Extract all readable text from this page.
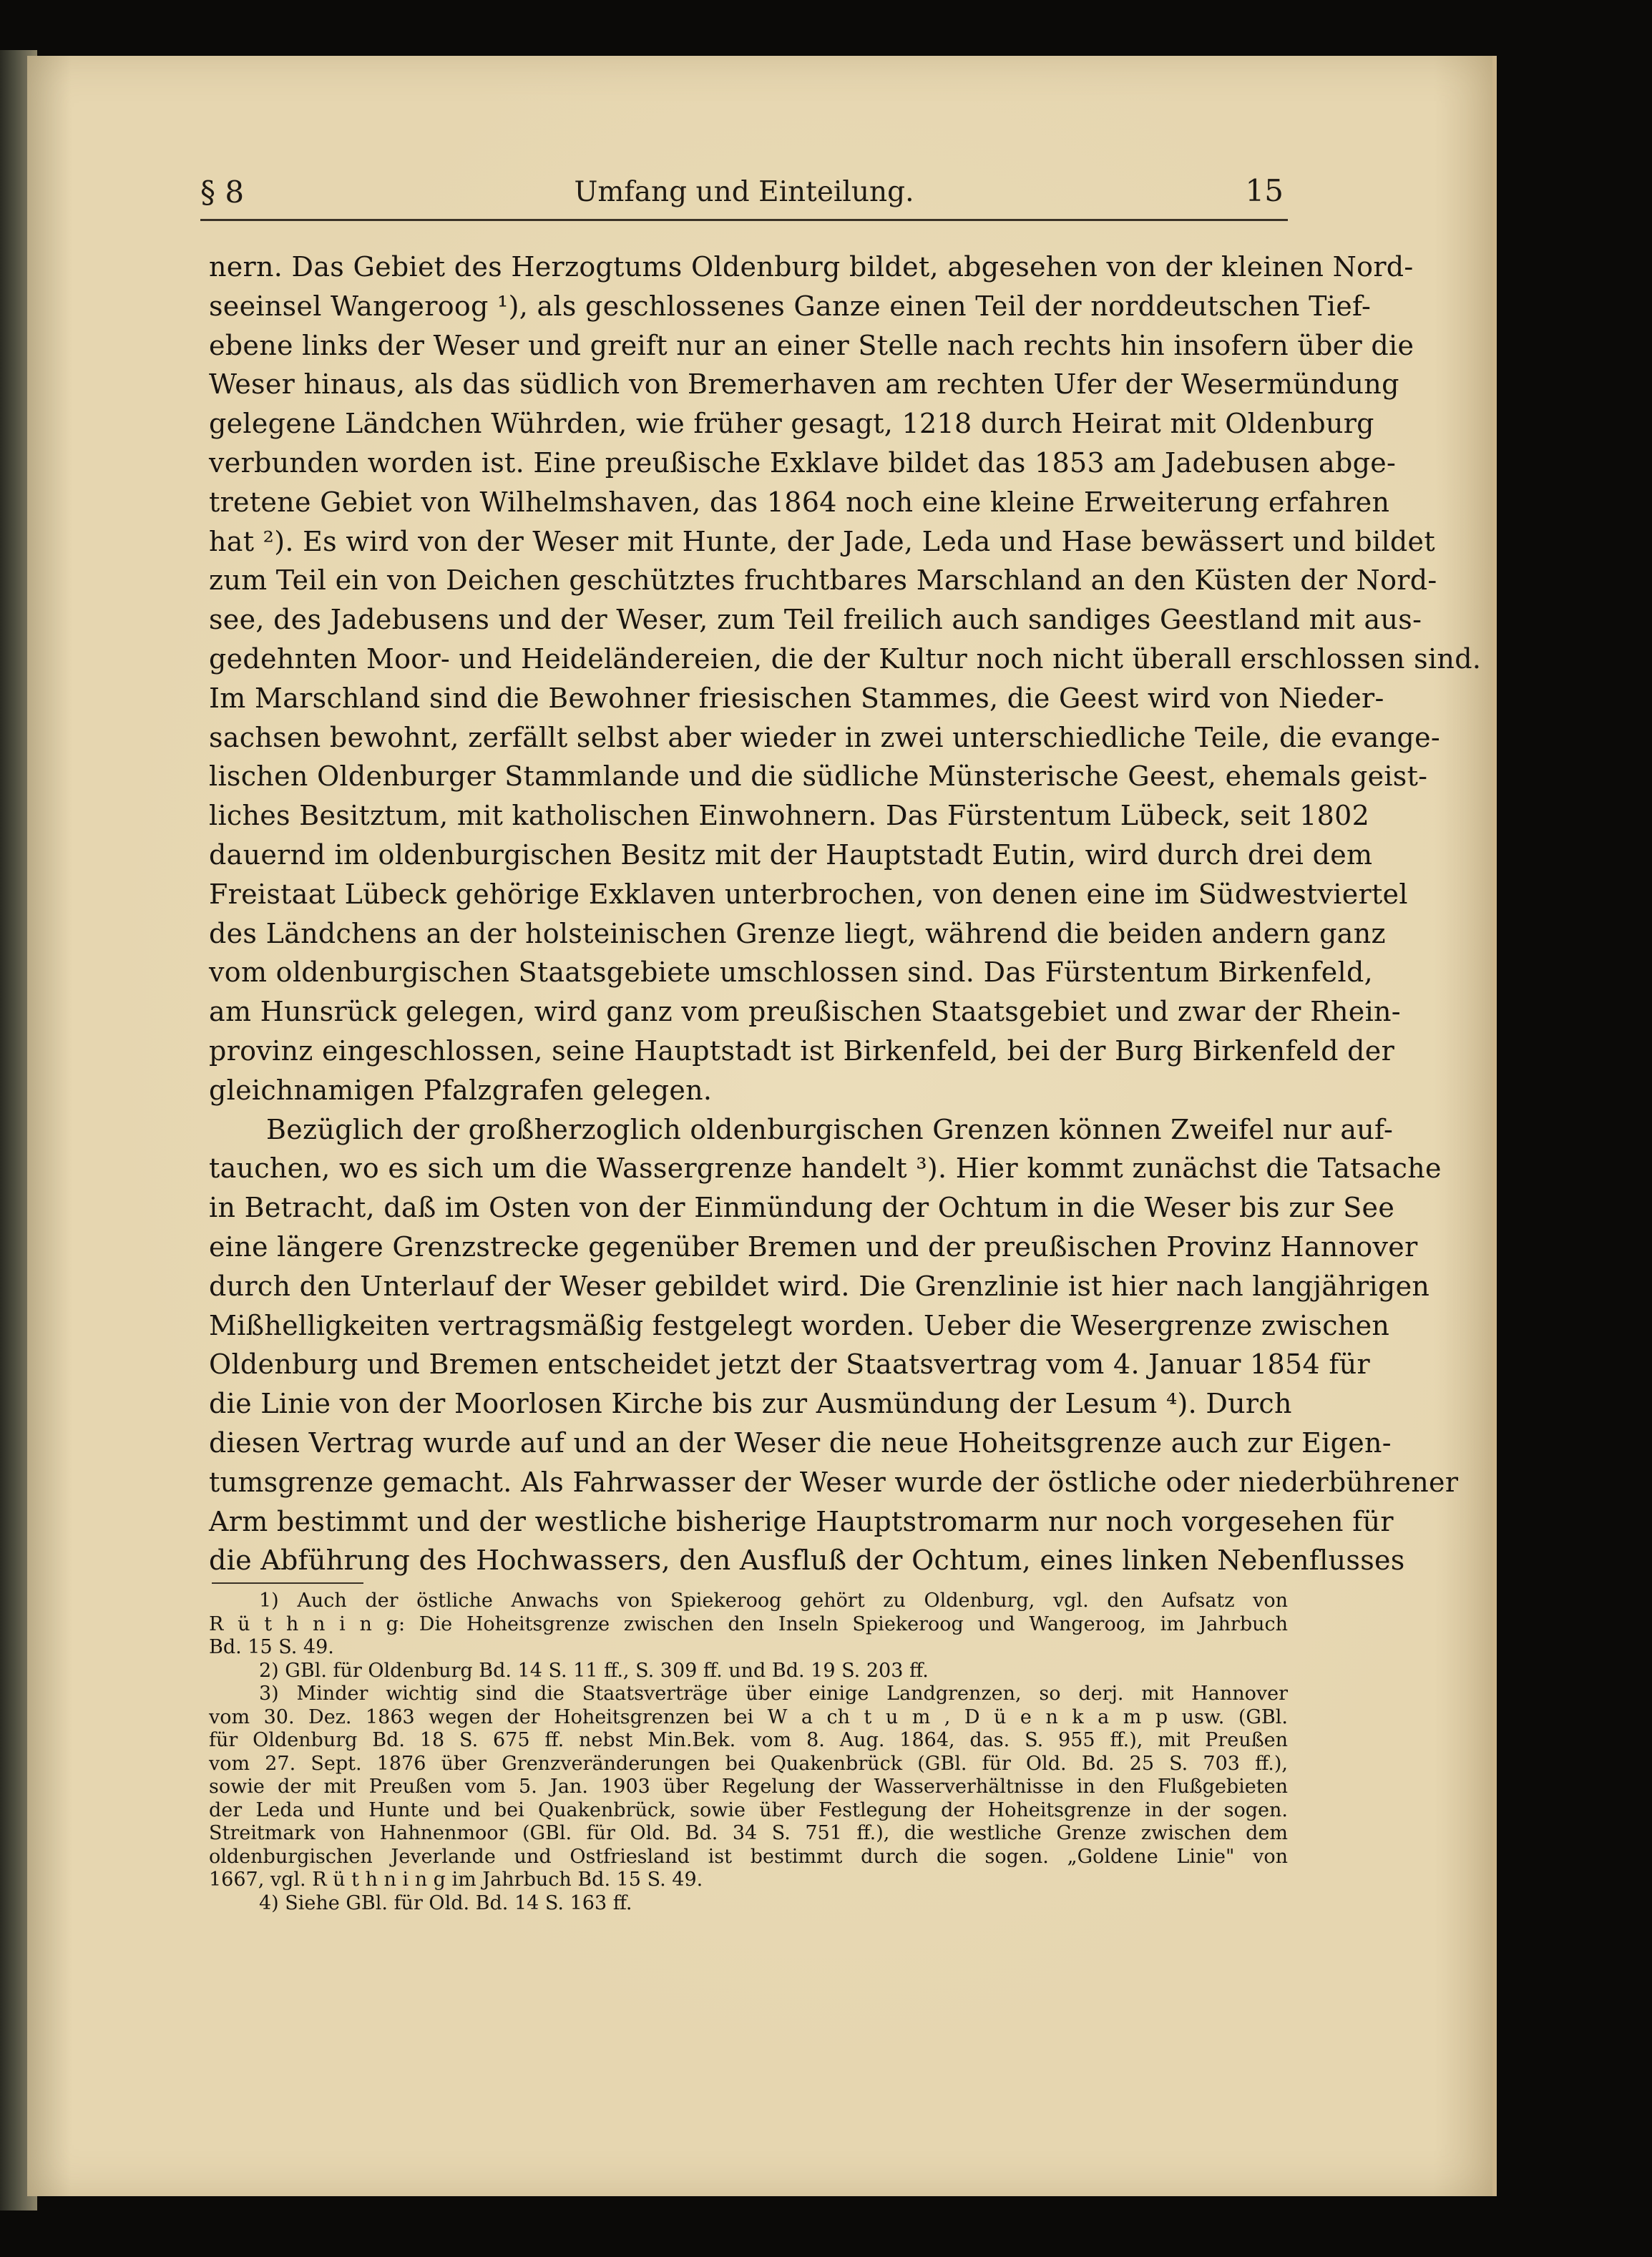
§ 8	Umfang und Einteilung.	15
nern. Das Gebiet des Herzogtums Oldenburg bildet, abgesehen von der kleinen Nord-
seeinsel Wangeroog ¹), als geschlossenes Ganze einen Teil der norddeutschen Tief-
ebene links der Weser und greift nur an einer Stelle nach rechts hin insofern über die
Weser hinaus, als das südlich von Bremerhaven am rechten Ufer der Wesermündung
gelegene Ländchen Wührden, wie früher gesagt, 1218 durch Heirat mit Oldenburg
verbunden worden ist. Eine preußische Exklave bildet das 1853 am Jadebusen abge-
tretene Gebiet von Wilhelmshaven, das 1864 noch eine kleine Erweiterung erfahren
hat ²). Es wird von der Weser mit Hunte, der Jade, Leda und Hase bewässert und bildet
zum Teil ein von Deichen geschütztes fruchtbares Marschland an den Küsten der Nord-
see, des Jadebusens und der Weser, zum Teil freilich auch sandiges Geestland mit aus-
gedehnten Moor- und Heideländereien, die der Kultur noch nicht überall erschlossen sind.
Im Marschland sind die Bewohner friesischen Stammes, die Geest wird von Nieder-
sachsen bewohnt, zerfällt selbst aber wieder in zwei unterschiedliche Teile, die evange-
lischen Oldenburger Stammlande und die südliche Münsterische Geest, ehemals geist-
liches Besitztum, mit katholischen Einwohnern. Das Fürstentum Lübeck, seit 1802
dauernd im oldenburgischen Besitz mit der Hauptstadt Eutin, wird durch drei dem
Freistaat Lübeck gehörige Exklaven unterbrochen, von denen eine im Südwestviertel
des Ländchens an der holsteinischen Grenze liegt, während die beiden andern ganz
vom oldenburgischen Staatsgebiete umschlossen sind. Das Fürstentum Birkenfeld,
am Hunsrück gelegen, wird ganz vom preußischen Staatsgebiet und zwar der Rhein-
provinz eingeschlossen, seine Hauptstadt ist Birkenfeld, bei der Burg Birkenfeld der
gleichnamigen Pfalzgrafen gelegen.
Bezüglich der großherzoglich oldenburgischen Grenzen können Zweifel nur auf-
tauchen, wo es sich um die Wassergrenze handelt ³). Hier kommt zunächst die Tatsache
in Betracht, daß im Osten von der Einmündung der Ochtum in die Weser bis zur See
eine längere Grenzstrecke gegenüber Bremen und der preußischen Provinz Hannover
durch den Unterlauf der Weser gebildet wird. Die Grenzlinie ist hier nach langjährigen
Mißhelligkeiten vertragsmäßig festgelegt worden. Ueber die Wesergrenze zwischen
Oldenburg und Bremen entscheidet jetzt der Staatsvertrag vom 4. Januar 1854 für
die Linie von der Moorlosen Kirche bis zur Ausmündung der Lesum ⁴). Durch
diesen Vertrag wurde auf und an der Weser die neue Hoheitsgrenze auch zur Eigen-
tumsgrenze gemacht. Als Fahrwasser der Weser wurde der östliche oder niederbührener
Arm bestimmt und der westliche bisherige Hauptstromarm nur noch vorgesehen für
die Abführung des Hochwassers, den Ausfluß der Ochtum, eines linken Nebenflusses
1) Auch der östliche Anwachs von Spiekeroog gehört zu Oldenburg, vgl. den Aufsatz von
R ü t h n i n g: Die Hoheitsgrenze zwischen den Inseln Spiekeroog und Wangeroog, im Jahrbuch
Bd. 15 S. 49.
2) GBl. für Oldenburg Bd. 14 S. 11 ff., S. 309 ff. und Bd. 19 S. 203 ff.
3) Minder wichtig sind die Staatsverträge über einige Landgrenzen, so derj. mit Hannover
vom 30. Dez. 1863 wegen der Hoheitsgrenzen bei W a ch t u m , D ü e n k a m p usw. (GBl.
für Oldenburg Bd. 18 S. 675 ff. nebst Min.Bek. vom 8. Aug. 1864, das. S. 955 ff.), mit Preußen
vom 27. Sept. 1876 über Grenzveränderungen bei Quakenbrück (GBl. für Old. Bd. 25 S. 703 ff.),
sowie der mit Preußen vom 5. Jan. 1903 über Regelung der Wasserverhältnisse in den Flußgebieten
der Leda und Hunte und bei Quakenbrück, sowie über Festlegung der Hoheitsgrenze in der sogen.
Streitmark von Hahnenmoor (GBl. für Old. Bd. 34 S. 751 ff.), die westliche Grenze zwischen dem
oldenburgischen Jeverlande und Ostfriesland ist bestimmt durch die sogen. „Goldene Linie" von
1667, vgl. R ü t h n i n g im Jahrbuch Bd. 15 S. 49.
4) Siehe GBl. für Old. Bd. 14 S. 163 ff.
